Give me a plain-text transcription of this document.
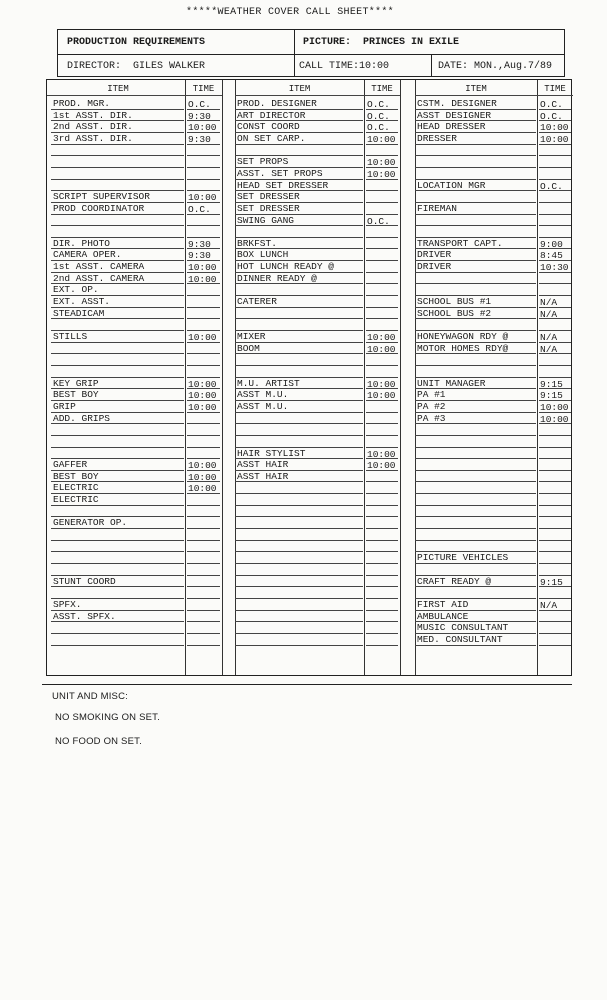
*****WEATHER COVER CALL SHEET****
PRODUCTION REQUIREMENTS	PICTURE: PRINCES IN EXILE
DIRECTOR: GILES WALKER	CALL TIME:10:00	DATE: MON.,Aug.7/89
ITEM	TIME
PROD. MGR.	O.C.
1st ASST. DIR.	9:30
2nd ASST. DIR.	10:00
3rd ASST. DIR.	9:30
SCRIPT SUPERVISOR	10:00
PROD COORDINATOR	O.C.
DIR. PHOTO	9:30
CAMERA OPER.	9:30
1st ASST. CAMERA	10:00
2nd ASST. CAMERA	10:00
EXT. OP.
EXT. ASST.
STEADICAM
STILLS	10:00
KEY GRIP	10:00
BEST BOY	10:00
GRIP	10:00
ADD. GRIPS
GAFFER	10:00
BEST BOY	10:00
ELECTRIC	10:00
ELECTRIC
GENERATOR OP.
STUNT COORD
SPFX.
ASST. SPFX.
ITEM	TIME
PROD. DESIGNER	O.C.
ART DIRECTOR	O.C.
CONST COORD	O.C.
ON SET CARP.	10:00
SET PROPS	10:00
ASST. SET PROPS	10:00
HEAD SET DRESSER
SET DRESSER
SET DRESSER
SWING GANG	O.C.
BRKFST.
BOX LUNCH
HOT LUNCH READY @
DINNER READY @
CATERER
MIXER	10:00
BOOM	10:00
M.U. ARTIST	10:00
ASST M.U.	10:00
ASST M.U.
HAIR STYLIST	10:00
ASST HAIR	10:00
ASST HAIR
ITEM	TIME
CSTM. DESIGNER	O.C.
ASST DESIGNER	O.C.
HEAD DRESSER	10:00
DRESSER	10:00
LOCATION MGR	O.C.
FIREMAN
TRANSPORT CAPT.	9:00
DRIVER	8:45
DRIVER	10:30
SCHOOL BUS #1	N/A
SCHOOL BUS #2	N/A
HONEYWAGON RDY @	N/A
MOTOR HOMES RDY@	N/A
UNIT MANAGER	9:15
PA #1	9:15
PA #2	10:00
PA #3	10:00
PICTURE VEHICLES
CRAFT READY @	9:15
FIRST AID	N/A
AMBULANCE
MUSIC CONSULTANT
MED. CONSULTANT
UNIT AND MISC:
NO SMOKING ON SET.
NO FOOD ON SET.
